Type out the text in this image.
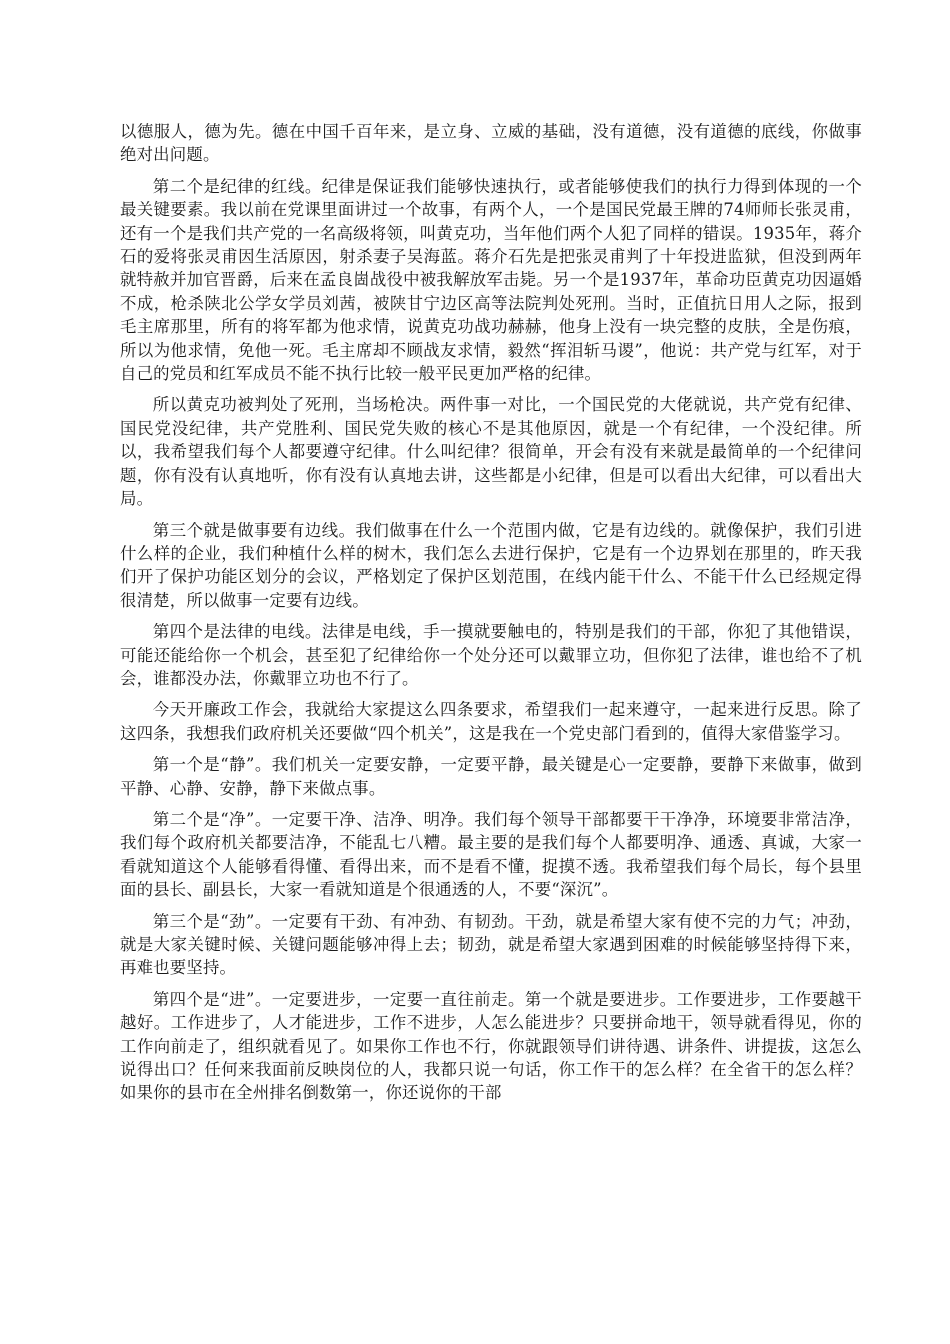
以德服人，德为先。德在中国千百年来，是立身、立威的基础，没有道德，没有道德的底线，你做事绝对出问题。

第二个是纪律的红线。纪律是保证我们能够快速执行，或者能够使我们的执行力得到体现的一个最关键要素。我以前在党课里面讲过一个故事，有两个人，一个是国民党最王牌的74师师长张灵甫，还有一个是我们共产党的一名高级将领，叫黄克功，当年他们两个人犯了同样的错误。1935年，蒋介石的爱将张灵甫因生活原因，射杀妻子吴海蓝。蒋介石先是把张灵甫判了十年投进监狱，但没到两年就特赦并加官晋爵，后来在孟良崮战役中被我解放军击毙。另一个是1937年，革命功臣黄克功因逼婚不成，枪杀陕北公学女学员刘茜，被陕甘宁边区高等法院判处死刑。当时，正值抗日用人之际，报到毛主席那里，所有的将军都为他求情，说黄克功战功赫赫，他身上没有一块完整的皮肤，全是伤痕，所以为他求情，免他一死。毛主席却不顾战友求情，毅然“挥泪斩马谡”，他说：共产党与红军，对于自己的党员和红军成员不能不执行比较一般平民更加严格的纪律。

所以黄克功被判处了死刑，当场枪决。两件事一对比，一个国民党的大佬就说，共产党有纪律、国民党没纪律，共产党胜利、国民党失败的核心不是其他原因，就是一个有纪律，一个没纪律。所以，我希望我们每个人都要遵守纪律。什么叫纪律？很简单，开会有没有来就是最简单的一个纪律问题，你有没有认真地听，你有没有认真地去讲，这些都是小纪律，但是可以看出大纪律，可以看出大局。

第三个就是做事要有边线。我们做事在什么一个范围内做，它是有边线的。就像保护，我们引进什么样的企业，我们种植什么样的树木，我们怎么去进行保护，它是有一个边界划在那里的，昨天我们开了保护功能区划分的会议，严格划定了保护区划范围，在线内能干什么、不能干什么已经规定得很清楚，所以做事一定要有边线。

第四个是法律的电线。法律是电线，手一摸就要触电的，特别是我们的干部，你犯了其他错误，可能还能给你一个机会，甚至犯了纪律给你一个处分还可以戴罪立功，但你犯了法律，谁也给不了机会，谁都没办法，你戴罪立功也不行了。

今天开廉政工作会，我就给大家提这么四条要求，希望我们一起来遵守，一起来进行反思。除了这四条，我想我们政府机关还要做“四个机关”，这是我在一个党史部门看到的，值得大家借鉴学习。

第一个是“静”。我们机关一定要安静，一定要平静，最关键是心一定要静，要静下来做事，做到平静、心静、安静，静下来做点事。

第二个是“净”。一定要干净、洁净、明净。我们每个领导干部都要干干净净，环境要非常洁净，我们每个政府机关都要洁净，不能乱七八糟。最主要的是我们每个人都要明净、通透、真诚，大家一看就知道这个人能够看得懂、看得出来，而不是看不懂，捉摸不透。我希望我们每个局长，每个县里面的县长、副县长，大家一看就知道是个很通透的人，不要“深沉”。

第三个是“劲”。一定要有干劲、有冲劲、有韧劲。干劲，就是希望大家有使不完的力气；冲劲，就是大家关键时候、关键问题能够冲得上去；韧劲，就是希望大家遇到困难的时候能够坚持得下来，再难也要坚持。

第四个是“进”。一定要进步，一定要一直往前走。第一个就是要进步。工作要进步，工作要越干越好。工作进步了，人才能进步，工作不进步，人怎么能进步？只要拼命地干，领导就看得见，你的工作向前走了，组织就看见了。如果你工作也不行，你就跟领导们讲待遇、讲条件、讲提拔，这怎么说得出口？任何来我面前反映岗位的人，我都只说一句话，你工作干的怎么样？在全省干的怎么样？如果你的县市在全州排名倒数第一，你还说你的干部
